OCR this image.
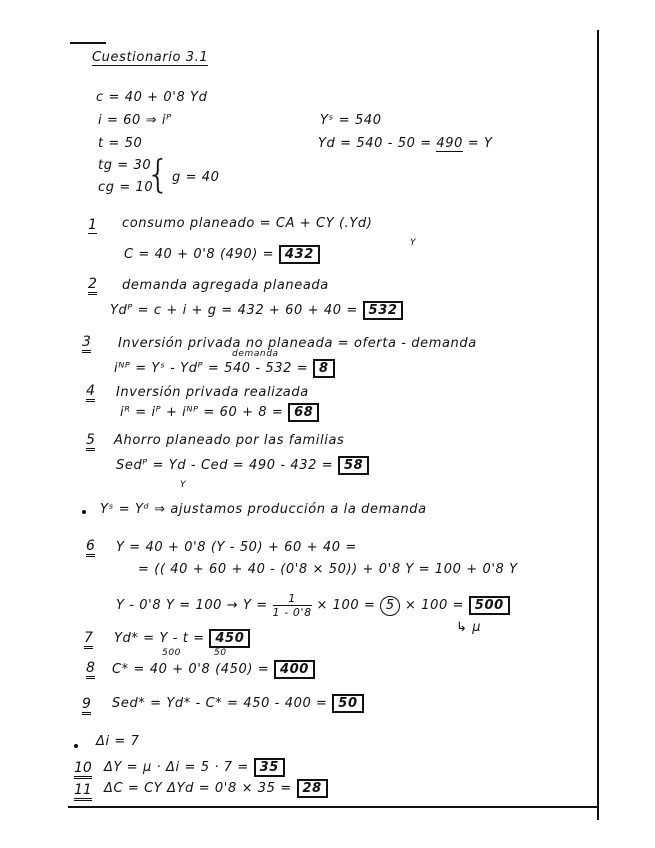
Cuestionario 3.1
c = 40 + 0'8 Yd
i = 60 ⇒ iᴾ
t = 50
tg = 30
cg = 10
{ g = 40
Yˢ = 540
Yd = 540 - 50 = 490 = Y
1 consumo planeado = CA + CY (.Yd)
Y
C = 40 + 0'8 (490) = 432
2 demanda agregada planeada
Ydᴾ = c + i + g = 432 + 60 + 40 = 532
3 Inversión privada no planeada = oferta - demanda
demanda
iᴺᴾ = Yˢ - Ydᴾ = 540 - 532 = 8
4 Inversión privada realizada
iᴿ = iᴾ + iᴺᴾ = 60 + 8 = 68
5 Ahorro planeado por las familias
Sedᴾ = Yd - Ced = 490 - 432 = 58
Y
Yˢ = Yᵈ ⇒ ajustamos producción a la demanda
6 Y = 40 + 0'8 (Y - 50) + 60 + 40 =
= (( 40 + 60 + 40 - (0'8 × 50)) + 0'8 Y = 100 + 0'8 Y
Y - 0'8 $Y = 100 \to Y = \frac{1}{1 - 0'8} \times 100 = 5 \times 100 = 500$
↳ μ
7 Yd* = Y - t = 450
500	50
8 C* = 40 + 0'8 (450) = 400
9 Sed* = Yd* - C* = 450 - 400 = 50
Δi = 7
10 ΔY = μ · Δi = 5 · 7 = 35
11 ΔC = CY ΔYd = 0'8 × 35 = 28
